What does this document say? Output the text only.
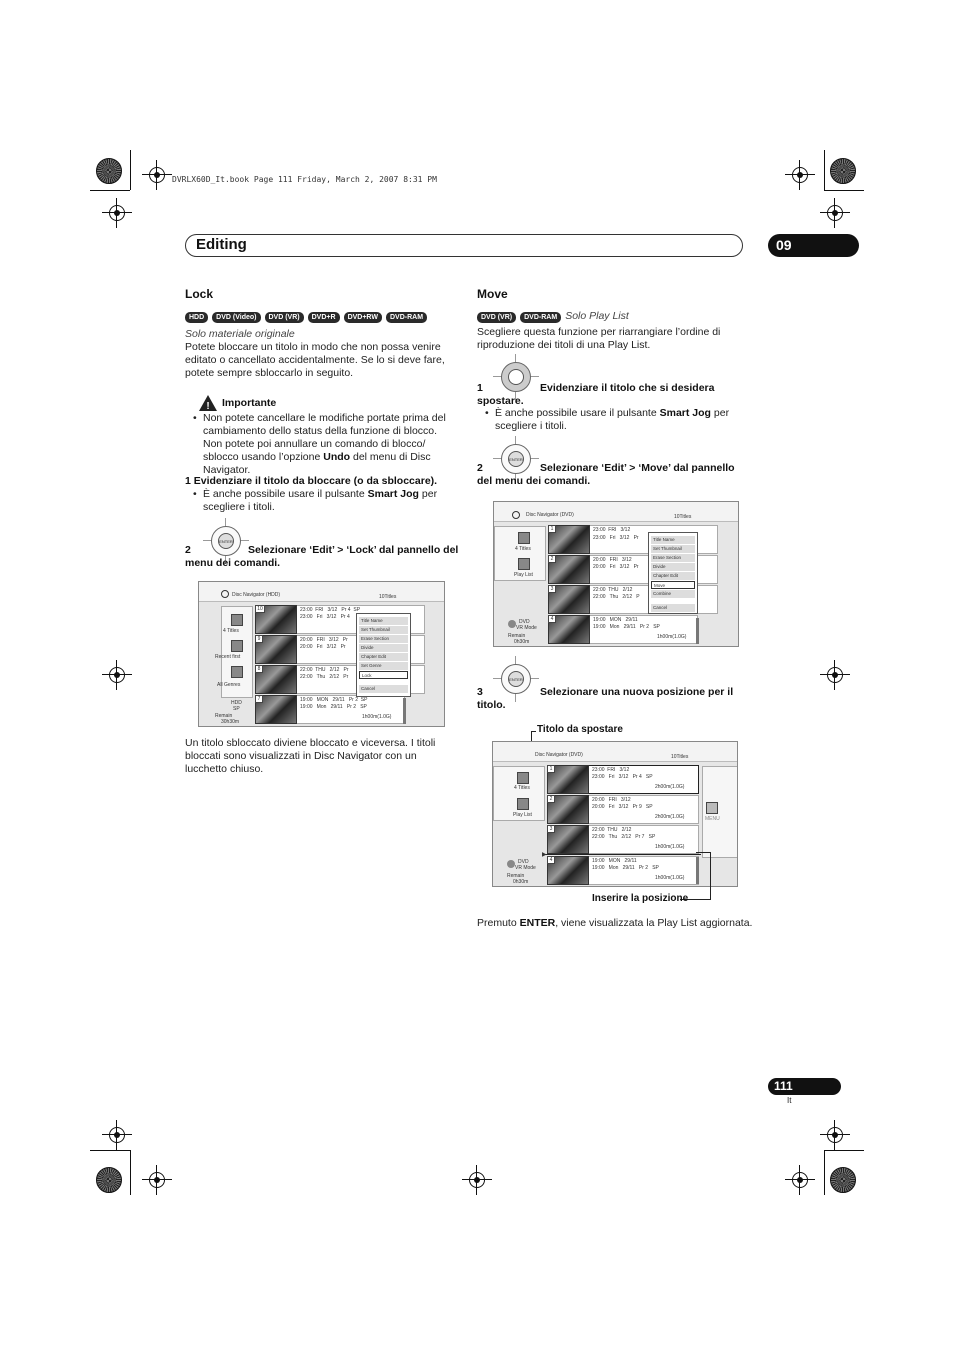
DVRLX60D_It.book Page 111 Friday, March 2, 2007 8:31 PM
Editing	09
Lock
HDD DVD (Video) DVD (VR) DVD+R DVD+RW DVD-RAM
Solo materiale originale
Potete bloccare un titolo in modo che non possa venire editato o cancellato accidentalmente. Se lo si deve fare, potete sempre sbloccarlo in seguito.
! Importante
• Non potete cancellare le modifiche portate prima del cambiamento dello status della funzione di blocco. Non potete poi annullare un comando di blocco/ sblocco usando l’opzione Undo del menu di Disc Navigator.
1 Evidenziare il titolo da bloccare (o da sbloccare).
• È anche possibile usare il pulsante Smart Jog per scegliere i titoli.
ENTER
2	Selezionare ‘Edit’ > ‘Lock’ dal pannello del menu dei comandi.
Disc Navigator (HDD)	10Titles
4 Titles
Recent first
All Genres
HDD
SP
Remain
30h30m
10	23:00  FRI   3/12   Pr 4  SP
23:00   Fri   3/12   Pr 4
9	20:00   FRI   3/12   Pr
20:00   Fri   3/12   Pr
8	22:00  THU   2/12   Pr
22:00   Thu   2/12   Pr
7	19:00   MON   29/11   Pr 2  SP
19:00   Mon   29/11   Pr 2   SP
1h00m(1.0G)
Title Name
Set Thumbnail
Erase Section
Divide
Chapter Edit
Set Genre
Lock
Cancel
Un titolo sbloccato diviene bloccato e viceversa. I titoli bloccati sono visualizzati in Disc Navigator con un lucchetto chiuso.
Move
DVD (VR) DVD-RAM Solo Play List
Scegliere questa funzione per riarrangiare l’ordine di riproduzione dei titoli di una Play List.
1	Evidenziare il titolo che si desidera spostare.
• È anche possibile usare il pulsante Smart Jog per scegliere i titoli.
ENTER
2	Selezionare ‘Edit’ > ‘Move’ dal pannello del menu dei comandi.
Disc Navigator (DVD)	10Titles
4 Titles
Play List
DVD
VR Mode
Remain
0h30m
1	23:00  FRI   3/12
23:00   Fri   3/12   Pr
2	20:00   FRI   3/12
20:00   Fri   3/12   Pr
3	22:00  THU   2/12
22:00   Thu   2/12   P
4	19:00   MON   29/11
19:00   Mon   29/11   Pr 2   SP
1h00m(1.0G)
Title Name
Set Thumbnail
Erase Section
Divide
Chapter Edit
Move
Combine
Cancel
ENTER
3	Selezionare una nuova posizione per il titolo.
Titolo da spostare
Disc Navigator (DVD)	10Titles
4 Titles
Play List
DVD
VR Mode
Remain
0h30m
1	23:00  FRI   3/12
23:00   Fri   3/12   Pr 4   SP
2h00m(1.0G)
2	20:00   FRI   3/12
20:00   Fri   3/12   Pr 9   SP
2h00m(1.0G)
3	22:00  THU   2/12
22:00   Thu   2/12   Pr 7   SP
1h00m(1.0G)
▶
4	19:00   MON   29/11
19:00   Mon   29/11   Pr 2   SP
1h00m(1.0G)
MENU
Inserire la posizione
Premuto ENTER, viene visualizzata la Play List aggiornata.
111
It
